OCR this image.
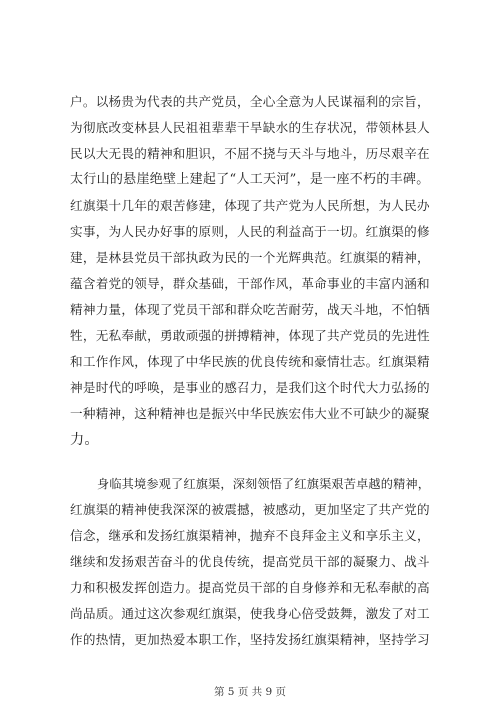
户。以杨贵为代表的共产党员，全心全意为人民谋福利的宗旨，
为彻底改变林县人民祖祖辈辈干旱缺水的生存状况，带领林县人
民以大无畏的精神和胆识，不屈不挠与天斗与地斗，历尽艰辛在
太行山的悬崖绝壁上建起了“人工天河”，是一座不朽的丰碑。
红旗渠十几年的艰苦修建，体现了共产党为人民所想，为人民办
实事，为人民办好事的原则，人民的利益高于一切。红旗渠的修
建，是林县党员干部执政为民的一个光辉典范。红旗渠的精神，
蕴含着党的领导，群众基础，干部作风，革命事业的丰富内涵和
精神力量，体现了党员干部和群众吃苦耐劳，战天斗地，不怕牺
牲，无私奉献，勇敢顽强的拼搏精神，体现了共产党员的先进性
和工作作风，体现了中华民族的优良传统和豪情壮志。红旗渠精
神是时代的呼唤，是事业的感召力，是我们这个时代大力弘扬的
一种精神，这种精神也是振兴中华民族宏伟大业不可缺少的凝聚
力。
身临其境参观了红旗渠，深刻领悟了红旗渠艰苦卓越的精神，
红旗渠的精神使我深深的被震撼，被感动，更加坚定了共产党的
信念，继承和发扬红旗渠精神，抛弃不良拜金主义和享乐主义，
继续和发扬艰苦奋斗的优良传统，提高党员干部的凝聚力、战斗
力和积极发挥创造力。提高党员干部的自身修养和无私奉献的高
尚品质。通过这次参观红旗渠，使我身心倍受鼓舞，激发了对工
作的热情，更加热爱本职工作，坚持发扬红旗渠精神，坚持学习
第 5 页 共 9 页
